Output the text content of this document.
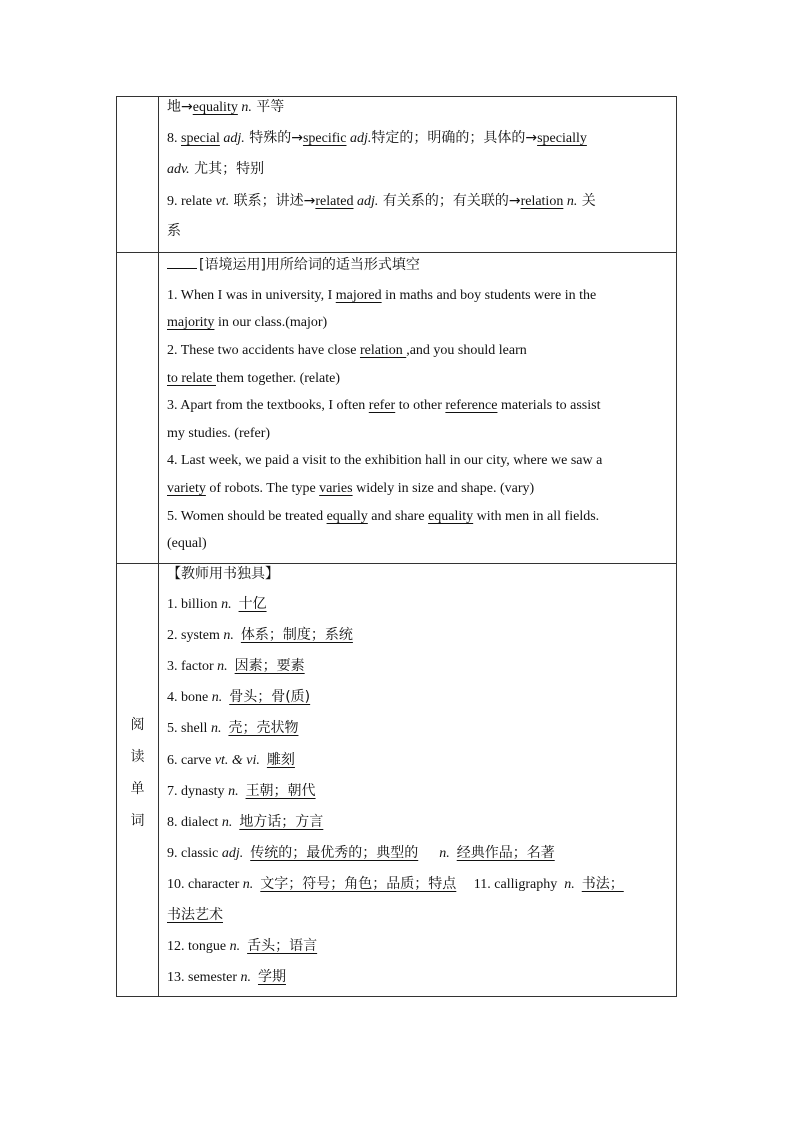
地→equality n. 平等
8. special adj. 特殊的→specific adj.特定的；明确的；具体的→specially
adv. 尤其；特别
9. relate vt. 联系；讲述→related adj. 有关系的；有关联的→relation n. 关
系
[语境运用]用所给词的适当形式填空
1. When I was in university, I majored in maths and boy students were in the
majority in our class.(major)
2. These two accidents have close relation ,and you should learn
to relate them together. (relate)
3. Apart from the textbooks, I often refer to other reference materials to assist
my studies. (refer)
4. Last week, we paid a visit to the exhibition hall in our city, where we saw a
variety of robots. The type varies widely in size and shape. (vary)
5. Women should be treated equally and share equality with men in all fields.
(equal)
阅
读
单
词
【教师用书独具】
1. billion n. 十亿
2. system n. 体系；制度；系统
3. factor n. 因素；要素
4. bone n. 骨头；骨(质)
5. shell n. 壳；壳状物
6. carve vt. & vi. 雕刻
7. dynasty n. 王朝；朝代
8. dialect n. 地方话；方言
9. classic adj. 传统的；最优秀的；典型的 n. 经典作品；名著
10. character n. 文字；符号；角色；品质；特点 11. calligraphy  n. 书法；
书法艺术
12. tongue n. 舌头；语言
13. semester n. 学期
